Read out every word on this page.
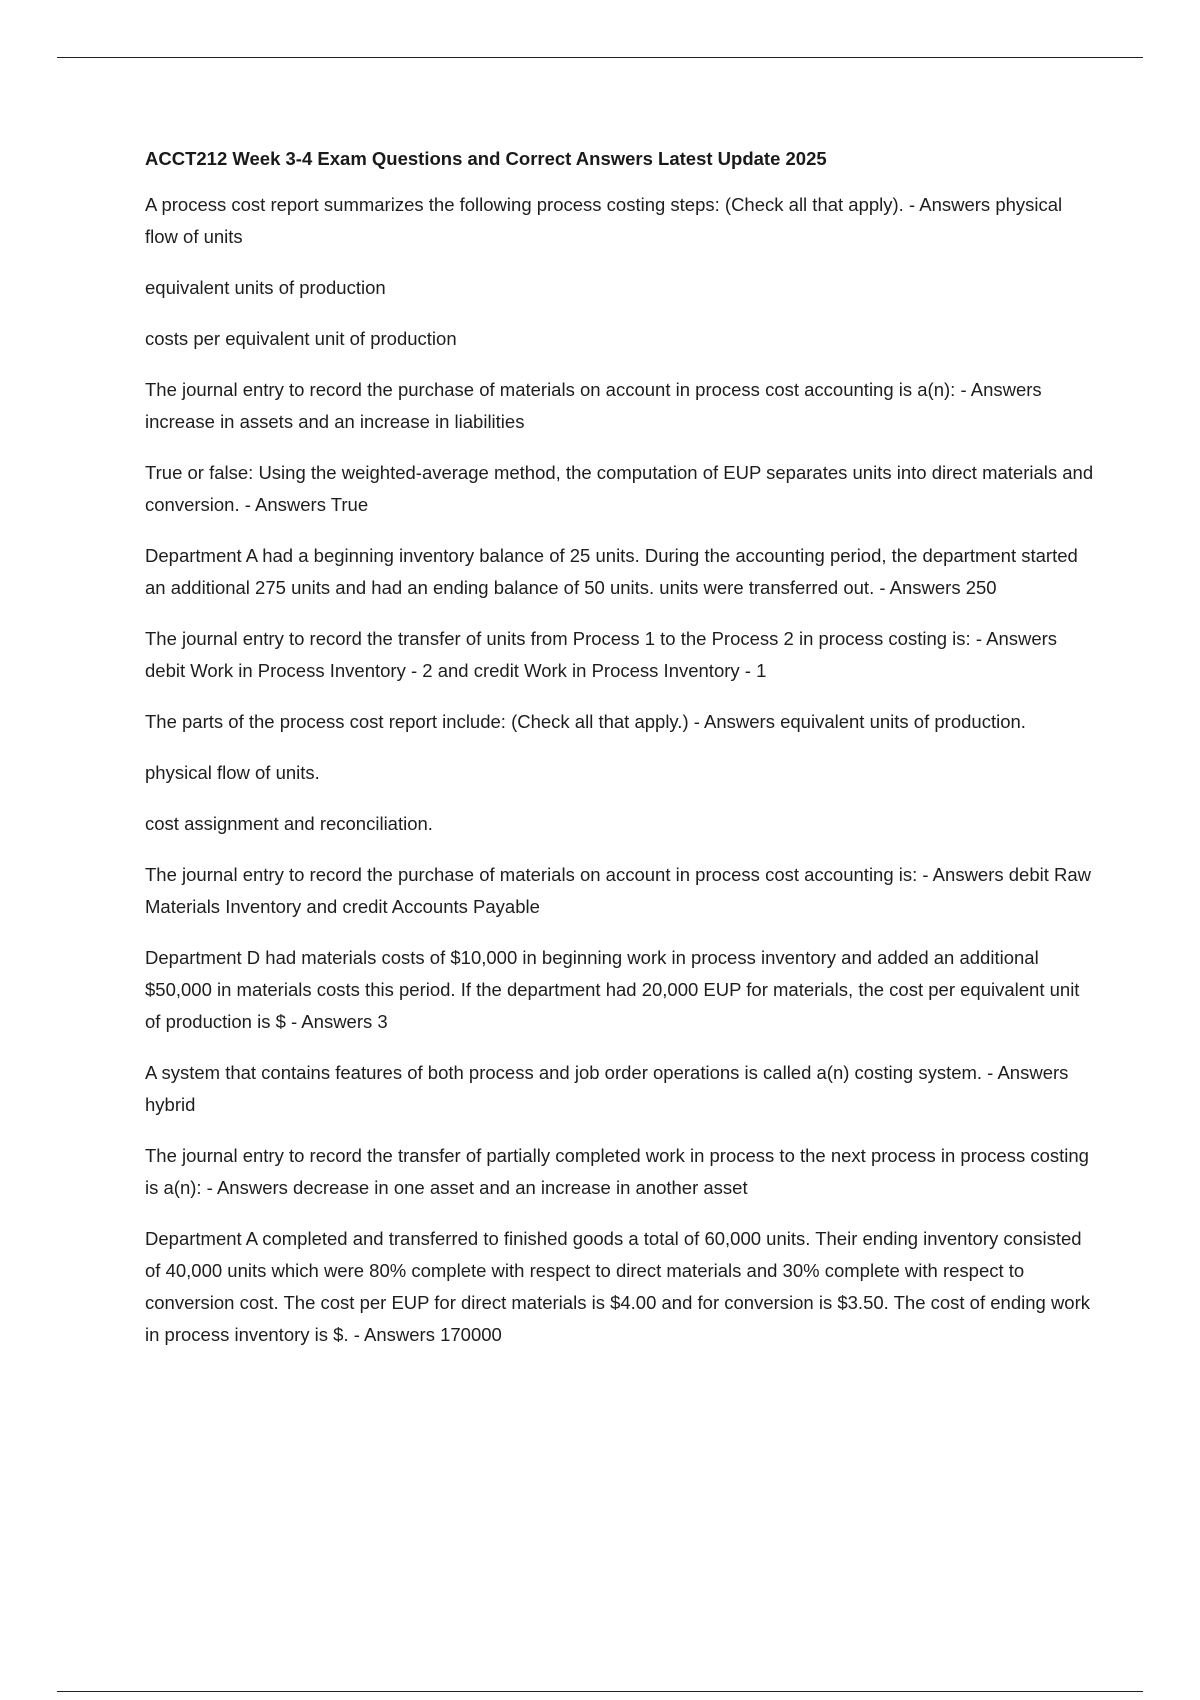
ACCT212 Week 3-4 Exam Questions and Correct Answers Latest Update 2025

A process cost report summarizes the following process costing steps: (Check all that apply). - Answers physical flow of units

equivalent units of production

costs per equivalent unit of production

The journal entry to record the purchase of materials on account in process cost accounting is a(n): - Answers increase in assets and an increase in liabilities

True or false: Using the weighted-average method, the computation of EUP separates units into direct materials and conversion. - Answers True

Department A had a beginning inventory balance of 25 units. During the accounting period, the department started an additional 275 units and had an ending balance of 50 units. units were transferred out. - Answers 250

The journal entry to record the transfer of units from Process 1 to the Process 2 in process costing is: - Answers debit Work in Process Inventory - 2 and credit Work in Process Inventory - 1

The parts of the process cost report include: (Check all that apply.) - Answers equivalent units of production.

physical flow of units.

cost assignment and reconciliation.

The journal entry to record the purchase of materials on account in process cost accounting is: - Answers debit Raw Materials Inventory and credit Accounts Payable

Department D had materials costs of $10,000 in beginning work in process inventory and added an additional $50,000 in materials costs this period. If the department had 20,000 EUP for materials, the cost per equivalent unit of production is $ - Answers 3

A system that contains features of both process and job order operations is called a(n) costing system. - Answers hybrid

The journal entry to record the transfer of partially completed work in process to the next process in process costing is a(n): - Answers decrease in one asset and an increase in another asset

Department A completed and transferred to finished goods a total of 60,000 units. Their ending inventory consisted of 40,000 units which were 80% complete with respect to direct materials and 30% complete with respect to conversion cost. The cost per EUP for direct materials is $4.00 and for conversion is $3.50. The cost of ending work in process inventory is $. - Answers 170000
